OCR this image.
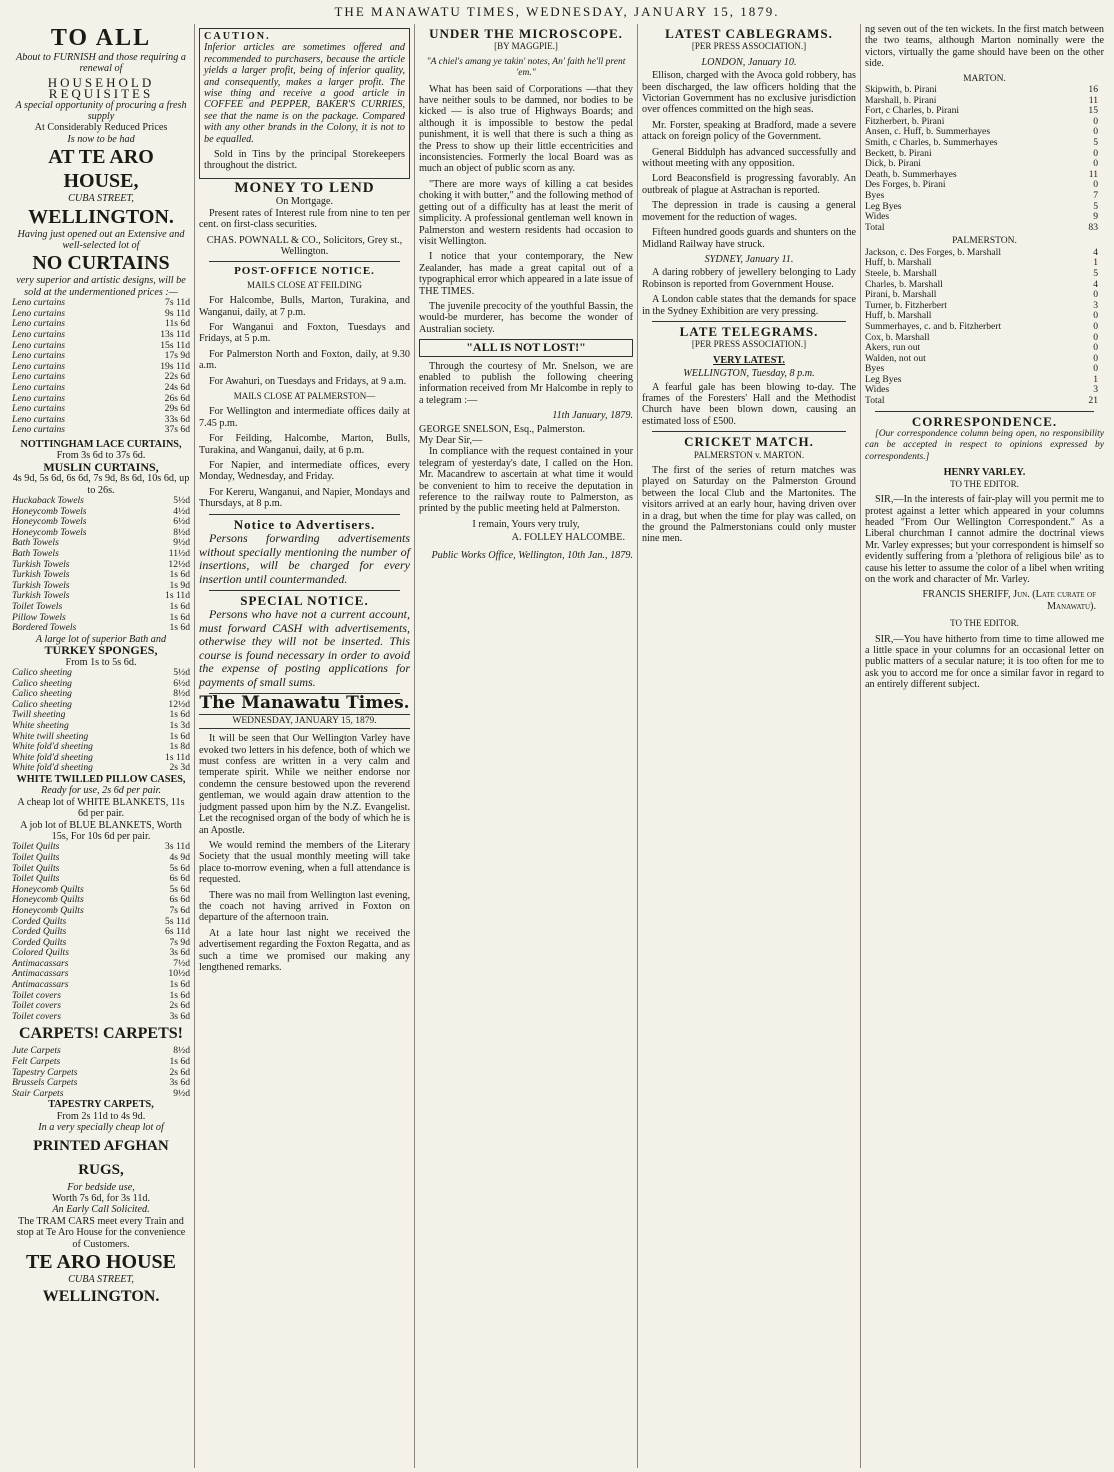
THE MANAWATU TIMES, WEDNESDAY, JANUARY 15, 1879.
TO ALL
About to FURNISH and those requiring a renewal of
HOUSEHOLD REQUISITES
A special opportunity of procuring a fresh supply
At Considerably Reduced Prices
Is now to be had
AT TE ARO HOUSE,
CUBA STREET,
WELLINGTON.
Having just opened out an Extensive and well-selected lot of
NO CURTAINS
very superior and artistic designs, will be sold at the undermentioned prices :—
Leno curtains	7s 11d
Leno curtains	9s 11d
Leno curtains	11s 6d
Leno curtains	13s 11d
Leno curtains	15s 11d
Leno curtains	17s 9d
Leno curtains	19s 11d
Leno curtains	22s 6d
Leno curtains	24s 6d
Leno curtains	26s 6d
Leno curtains	29s 6d
Leno curtains	33s 6d
Leno curtains	37s 6d
NOTTINGHAM LACE CURTAINS,
From 3s 6d to 37s 6d.
MUSLIN CURTAINS,
4s 9d, 5s 6d, 6s 6d, 7s 9d, 8s 6d, 10s 6d, up to 26s.
Huckaback Towels	5½d
Honeycomb Towels	4½d
Honeycomb Towels	6½d
Honeycomb Towels	8½d
Bath Towels	9½d
Bath Towels	11½d
Turkish Towels	12½d
Turkish Towels	1s 6d
Turkish Towels	1s 9d
Turkish Towels	1s 11d
Toilet Towels	1s 6d
Pillow Towels	1s 6d
Bordered Towels	1s 6d
A large lot of superior Bath and
TURKEY SPONGES,
From 1s to 5s 6d.
Calico sheeting	5½d
Calico sheeting	6½d
Calico sheeting	8½d
Calico sheeting	12½d
Twill sheeting	1s 6d
White sheeting	1s 3d
White twill sheeting	1s 6d
White fold'd sheeting	1s 8d
White fold'd sheeting	1s 11d
White fold'd sheeting	2s 3d
WHITE TWILLED PILLOW CASES,
Ready for use, 2s 6d per pair.
A cheap lot of WHITE BLANKETS, 11s 6d per pair.
A job lot of BLUE BLANKETS, Worth 15s, For 10s 6d per pair.
Toilet Quilts	3s 11d
Toilet Quilts	4s 9d
Toilet Quilts	5s 6d
Toilet Quilts	6s 6d
Honeycomb Quilts	5s 6d
Honeycomb Quilts	6s 6d
Honeycomb Quilts	7s 6d
Corded Quilts	5s 11d
Corded Quilts	6s 11d
Corded Quilts	7s 9d
Colored Quilts	3s 6d
Antimacassars	7½d
Antimacassars	10½d
Antimacassars	1s 6d
Toilet covers	1s 6d
Toilet covers	2s 6d
Toilet covers	3s 6d
CARPETS! CARPETS!
Jute Carpets	8½d
Felt Carpets	1s 6d
Tapestry Carpets	2s 6d
Brussels Carpets	3s 6d
Stair Carpets	9½d
TAPESTRY CARPETS,
From 2s 11d to 4s 9d.
In a very specially cheap lot of
PRINTED AFGHAN RUGS,
For bedside use,
Worth 7s 6d, for 3s 11d.
An Early Call Solicited.
The TRAM CARS meet every Train and stop at Te Aro House for the convenience of Customers.
TE ARO HOUSE
CUBA STREET,
WELLINGTON.
CAUTION.

Inferior articles are sometimes offered and recommended to purchasers, because the article yields a larger profit, being of inferior quality, and consequently, makes a larger profit. The wise thing and receive a good article in COFFEE and PEPPER, BAKER'S CURRIES, see that the name is on the package. Compared with any other brands in the Colony, it is not to be equalled.

Sold in Tins by the principal Storekeepers throughout the district.

MONEY TO LEND
On Mortgage.

Present rates of Interest rule from nine to ten per cent. on first-class securities.

CHAS. POWNALL & CO., Solicitors, Grey st., Wellington.
POST-OFFICE NOTICE.
MAILS CLOSE AT FEILDING

For Halcombe, Bulls, Marton, Turakina, and Wanganui, daily, at 7 p.m.

For Wanganui and Foxton, Tuesdays and Fridays, at 5 p.m.

For Palmerston North and Foxton, daily, at 9.30 a.m.

For Awahuri, on Tuesdays and Fridays, at 9 a.m.

MAILS CLOSE AT PALMERSTON—

For Wellington and intermediate offices daily at 7.45 p.m.

For Feilding, Halcombe, Marton, Bulls, Turakina, and Wanganui, daily, at 6 p.m.

For Napier, and intermediate offices, every Monday, Wednesday, and Friday.

For Kereru, Wanganui, and Napier, Mondays and Thursdays, at 8 p.m.

Notice to Advertisers.

Persons forwarding advertisements without specially mentioning the number of insertions, will be charged for every insertion until countermanded.

SPECIAL NOTICE.

Persons who have not a current account, must forward CASH with advertisements, otherwise they will not be inserted. This course is found necessary in order to avoid the expense of posting applications for payments of small sums.

The Manawatu Times.
WEDNESDAY, JANUARY 15, 1879.

It will be seen that Our Wellington Varley have evoked two letters in his defence, both of which we must confess are written in a very calm and temperate spirit. While we neither endorse nor condemn the censure bestowed upon the reverend gentleman, we would again draw attention to the judgment passed upon him by the N.Z. Evangelist. Let the recognised organ of the body of which he is an Apostle.

We would remind the members of the Literary Society that the usual monthly meeting will take place to-morrow evening, when a full attendance is requested.

There was no mail from Wellington last evening, the coach not having arrived in Foxton on departure of the afternoon train.

At a late hour last night we received the advertisement regarding the Foxton Regatta, and as such a time we promised our making any lengthened remarks.

UNDER THE MICROSCOPE.
[BY MAGGPIE.]
"A chiel's amang ye takin' notes, An' faith he'll prent 'em."

What has been said of Corporations —that they have neither souls to be damned, nor bodies to be kicked — is also true of Highways Boards; and although it is impossible to bestow the pedal punishment, it is well that there is such a thing as the Press to show up their little eccentricities and inconsistencies. Formerly the local Board was as much an object of public scorn as any.

"There are more ways of killing a cat besides choking it with butter," and the following method of getting out of a difficulty has at least the merit of simplicity. A professional gentleman well known in Palmerston and western residents had occasion to visit Wellington.

I notice that your contemporary, the New Zealander, has made a great capital out of a typographical error which appeared in a late issue of THE TIMES.

The juvenile precocity of the youthful Bassin, the would-be murderer, has become the wonder of Australian society.

"ALL IS NOT LOST!"

Through the courtesy of Mr. Snelson, we are enabled to publish the following cheering information received from Mr Halcombe in reply to a telegram :—

11th January, 1879.
GEORGE SNELSON, Esq., Palmerston.
My Dear Sir,—

In compliance with the request contained in your telegram of yesterday's date, I called on the Hon. Mr. Macandrew to ascertain at what time it would be convenient to him to receive the deputation in reference to the railway route to Palmerston, as printed by the public meeting held at Palmerston.

I remain, Yours very truly,
A. FOLLEY HALCOMBE.
Public Works Office, Wellington, 10th Jan., 1879.
LATEST CABLEGRAMS.
[PER PRESS ASSOCIATION.]
LONDON, January 10.

Ellison, charged with the Avoca gold robbery, has been discharged, the law officers holding that the Victorian Government has no exclusive jurisdiction over offences committed on the high seas.

Mr. Forster, speaking at Bradford, made a severe attack on foreign policy of the Government.

General Biddulph has advanced successfully and without meeting with any opposition.

Lord Beaconsfield is progressing favorably. An outbreak of plague at Astrachan is reported.

The depression in trade is causing a general movement for the reduction of wages.

Fifteen hundred goods guards and shunters on the Midland Railway have struck.

SYDNEY, January 11.

A daring robbery of jewellery belonging to Lady Robinson is reported from Government House.

A London cable states that the demands for space in the Sydney Exhibition are very pressing.

LATE TELEGRAMS.
[PER PRESS ASSOCIATION.]
VERY LATEST.
WELLINGTON, Tuesday, 8 p.m.

A fearful gale has been blowing to-day. The frames of the Foresters' Hall and the Methodist Church have been blown down, causing an estimated loss of £500.

CRICKET MATCH.
PALMERSTON v. MARTON.

The first of the series of return matches was played on Saturday on the Palmerston Ground between the local Club and the Martonites. The visitors arrived at an early hour, having driven over in a drag, but when the time for play was called, on the ground the Palmerstonians could only muster nine men.

ng seven out of the ten wickets. In the first match between the two teams, although Marton nominally were the victors, virtually the game should have been on the other side.

MARTON.
Skipwith, b. Pirani	16
Marshall, b. Pirani	11
Fort, c Charles, b. Pirani	15
Fitzherbert, b. Pirani	0
Ansen, c. Huff, b. Summerhayes	0
Smith, c Charles, b. Summerhayes	5
Beckett, b. Pirani	0
Dick, b. Pirani	0
Death, b. Summerhayes	11
Des Forges, b. Pirani	0
Byes	7
Leg Byes	5
Wides	9
Total	83
PALMERSTON.
Jackson, c. Des Forges, b. Marshall	4
Huff, b. Marshall	1
Steele, b. Marshall	5
Charles, b. Marshall	4
Pirani, b. Marshall	0
Turner, b. Fitzherbert	3
Huff, b. Marshall	0
Summerhayes, c. and b. Fitzherbert	0
Cox, b. Marshall	0
Akers, run out	0
Walden, not out	0
Byes	0
Leg Byes	1
Wides	3
Total	21
CORRESPONDENCE.

[Our correspondence column being open, no responsibility can be accepted in respect to opinions expressed by correspondents.]

HENRY VARLEY.
TO THE EDITOR.

SIR,—In the interests of fair-play will you permit me to protest against a letter which appeared in your columns headed "From Our Wellington Correspondent." As a Liberal churchman I cannot admire the doctrinal views Mr. Varley expresses; but your correspondent is himself so evidently suffering from a 'plethora of religious bile' as to cause his letter to assume the color of a libel when writing on the work and character of Mr. Varley.

FRANCIS SHERIFF, Jun. (Late curate of Manawatu).
TO THE EDITOR.

SIR,—You have hitherto from time to time allowed me a little space in your columns for an occasional letter on public matters of a secular nature; it is too often for me to ask you to accord me for once a similar favor in regard to an entirely different subject.
